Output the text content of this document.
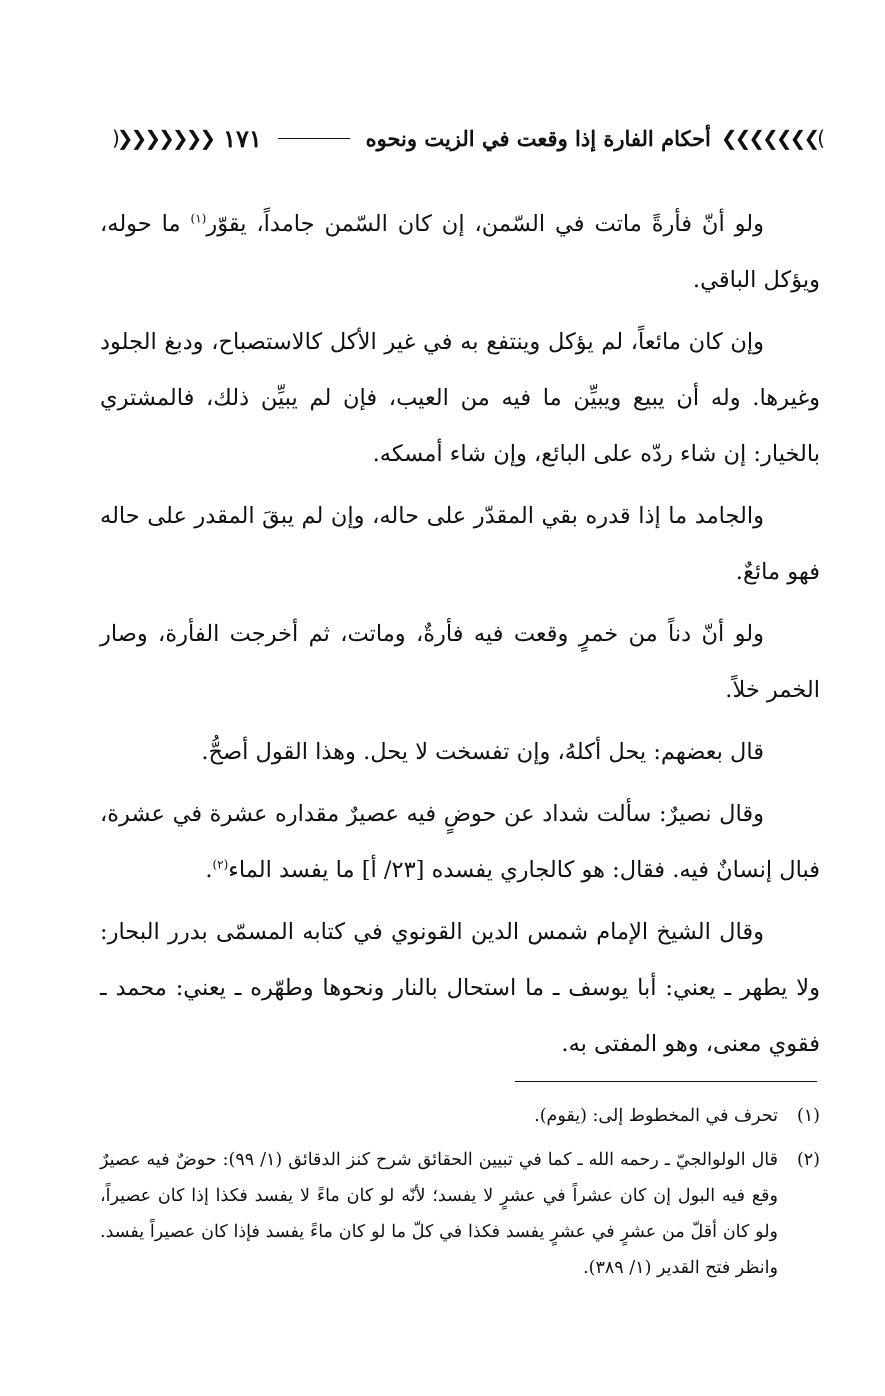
)❯❯❯❯❯❯❯
أحكام الفارة إذا وقعت في الزيت ونحوه
١٧١
❮❮❮❮❮❮❮(

ولو أنّ فأرةً ماتت في السّمن، إن كان السّمن جامداً، يقوّر$^{(١)}$ ما حوله، ويؤكل الباقي.

وإن كان مائعاً، لم يؤكل وينتفع به في غير الأكل كالاستصباح، ودبغ الجلود وغيرها. وله أن يبيع ويبيِّن ما فيه من العيب، فإن لم يبيِّن ذلك، فالمشتري بالخيار: إن شاء ردّه على البائع، وإن شاء أمسكه.

والجامد ما إذا قدره بقي المقدّر على حاله، وإن لم يبقَ المقدر على حاله فهو مائعٌ.

ولو أنّ دناً من خمرٍ وقعت فيه فأرةٌ، وماتت، ثم أخرجت الفأرة، وصار الخمر خلاً.

قال بعضهم: يحل أكلهُ، وإن تفسخت لا يحل. وهذا القول أصحُّ.

وقال نصيرٌ: سألت شداد عن حوضٍ فيه عصيرٌ مقداره عشرة في عشرة، فبال إنسانٌ فيه. فقال: هو كالجاري يفسده [٢٣/ أ] ما يفسد الماء$^{(٢)}$.

وقال الشيخ الإمام شمس الدين القونوي في كتابه المسمّى بدرر البحار: ولا يطهر ـ يعني: أبا يوسف ـ ما استحال بالنار ونحوها وطهّره ـ يعني: محمد ـ فقوي معنى، وهو المفتى به.

(١)
تحرف في المخطوط إلى: (يقوم).
(٢)
قال الولوالجيّ ـ رحمه الله ـ كما في تبيين الحقائق شرح كنز الدقائق (١/ ٩٩): حوضٌ فيه عصيرٌ وقع فيه البول إن كان عشراً في عشرٍ لا يفسد؛ لأنّه لو كان ماءً لا يفسد فكذا إذا كان عصيراً، ولو كان أقلّ من عشرٍ في عشرٍ يفسد فكذا في كلّ ما لو كان ماءً يفسد فإذا كان عصيراً يفسد. وانظر فتح القدير (١/ ٣٨٩).
